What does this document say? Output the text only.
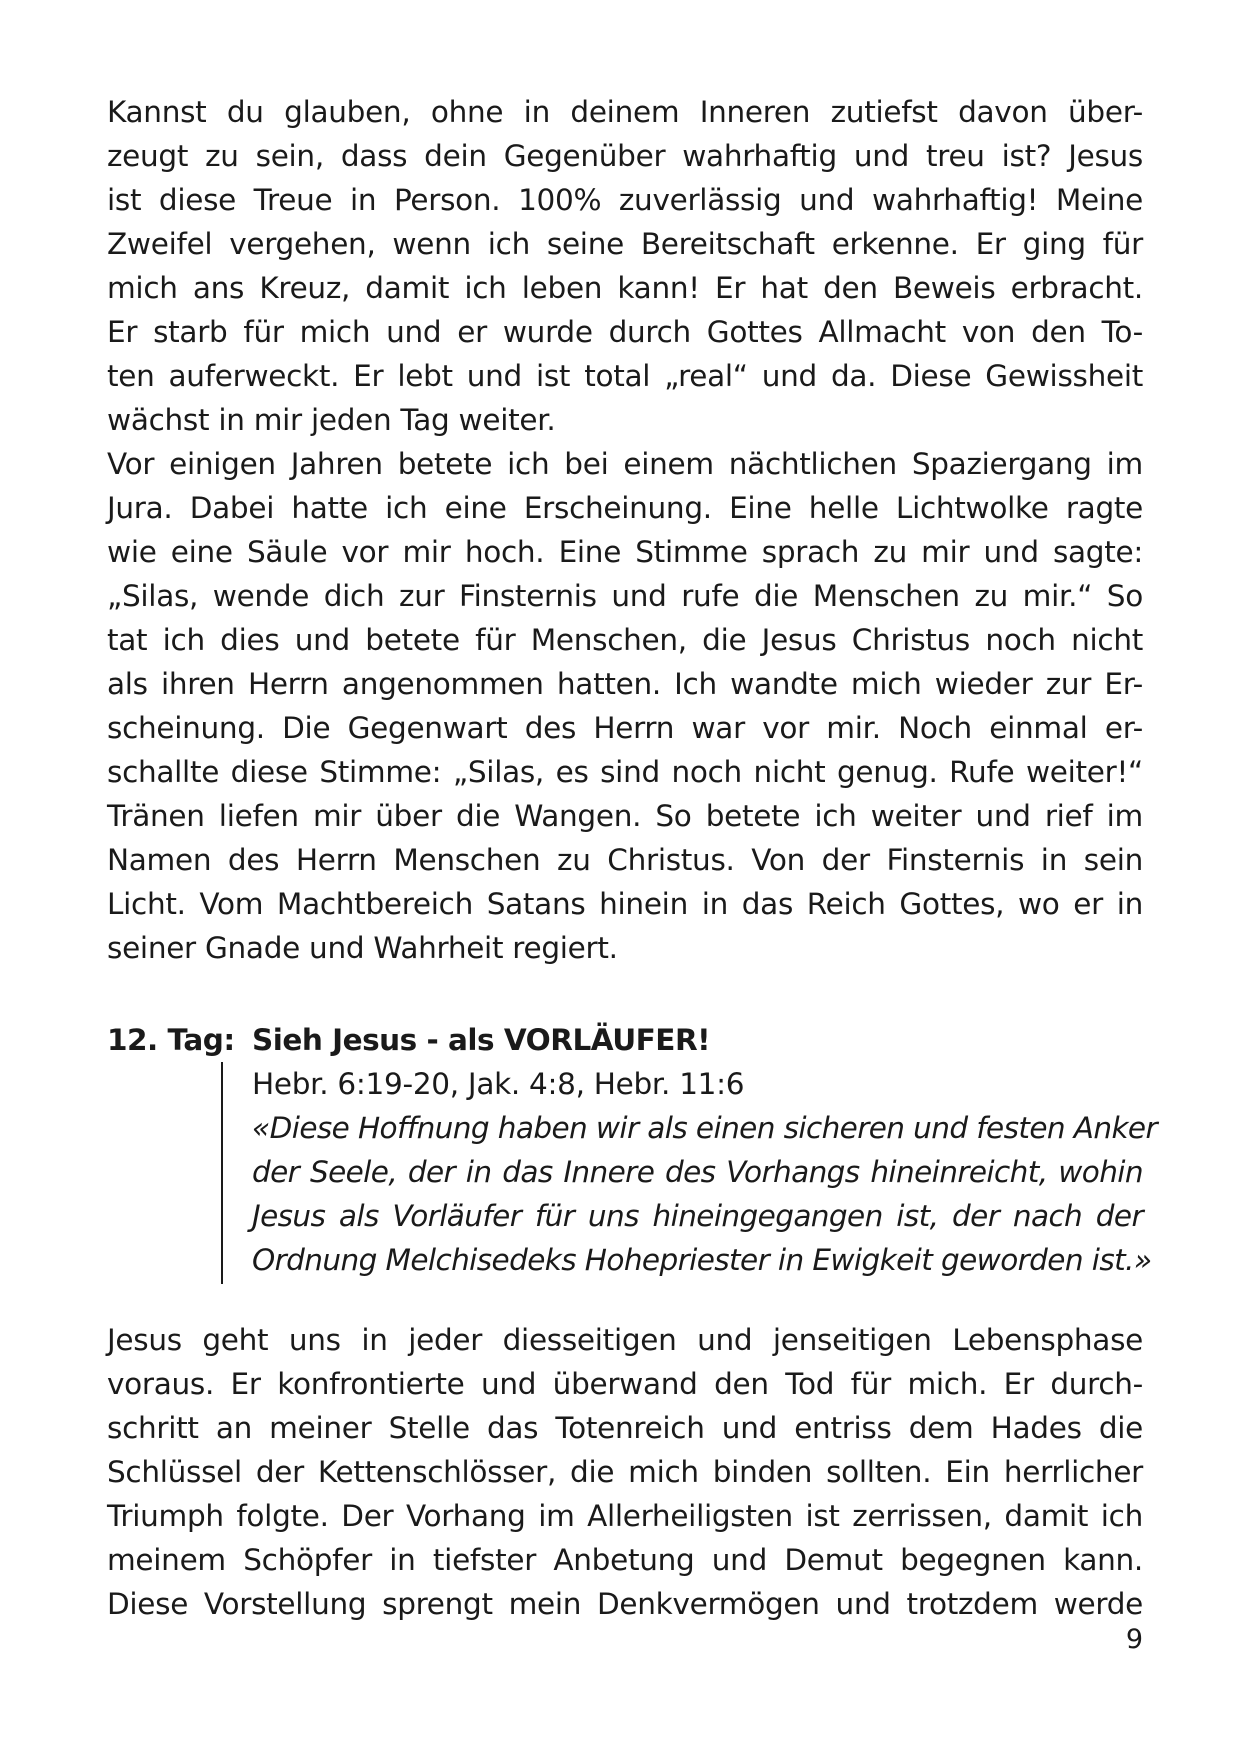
Kannst du glauben, ohne in deinem Inneren zutiefst davon über-
zeugt zu sein, dass dein Gegenüber wahrhaftig und treu ist? Jesus
ist diese Treue in Person. 100% zuverlässig und wahrhaftig! Meine
Zweifel vergehen, wenn ich seine Bereitschaft erkenne. Er ging für
mich ans Kreuz, damit ich leben kann! Er hat den Beweis erbracht.
Er starb für mich und er wurde durch Gottes Allmacht von den To-
ten auferweckt. Er lebt und ist total „real“ und da. Diese Gewissheit
wächst in mir jeden Tag weiter.
Vor einigen Jahren betete ich bei einem nächtlichen Spaziergang im
Jura. Dabei hatte ich eine Erscheinung. Eine helle Lichtwolke ragte
wie eine Säule vor mir hoch. Eine Stimme sprach zu mir und sagte:
„Silas, wende dich zur Finsternis und rufe die Menschen zu mir.“ So
tat ich dies und betete für Menschen, die Jesus Christus noch nicht
als ihren Herrn angenommen hatten. Ich wandte mich wieder zur Er-
scheinung. Die Gegenwart des Herrn war vor mir. Noch einmal er-
schallte diese Stimme: „Silas, es sind noch nicht genug. Rufe weiter!“
Tränen liefen mir über die Wangen. So betete ich weiter und rief im
Namen des Herrn Menschen zu Christus. Von der Finsternis in sein
Licht. Vom Machtbereich Satans hinein in das Reich Gottes, wo er in
seiner Gnade und Wahrheit regiert.
12. Tag: Sieh Jesus - als VORLÄUFER!
Hebr. 6:19-20, Jak. 4:8, Hebr. 11:6
«Diese Hoffnung haben wir als einen sicheren und festen Anker
der Seele, der in das Innere des Vorhangs hineinreicht, wohin
Jesus als Vorläufer für uns hineingegangen ist, der nach der
Ordnung Melchisedeks Hohepriester in Ewigkeit geworden ist.»
Jesus geht uns in jeder diesseitigen und jenseitigen Lebensphase
voraus. Er konfrontierte und überwand den Tod für mich. Er durch-
schritt an meiner Stelle das Totenreich und entriss dem Hades die
Schlüssel der Kettenschlösser, die mich binden sollten. Ein herrlicher
Triumph folgte. Der Vorhang im Allerheiligsten ist zerrissen, damit ich
meinem Schöpfer in tiefster Anbetung und Demut begegnen kann.
Diese Vorstellung sprengt mein Denkvermögen und trotzdem werde
9
